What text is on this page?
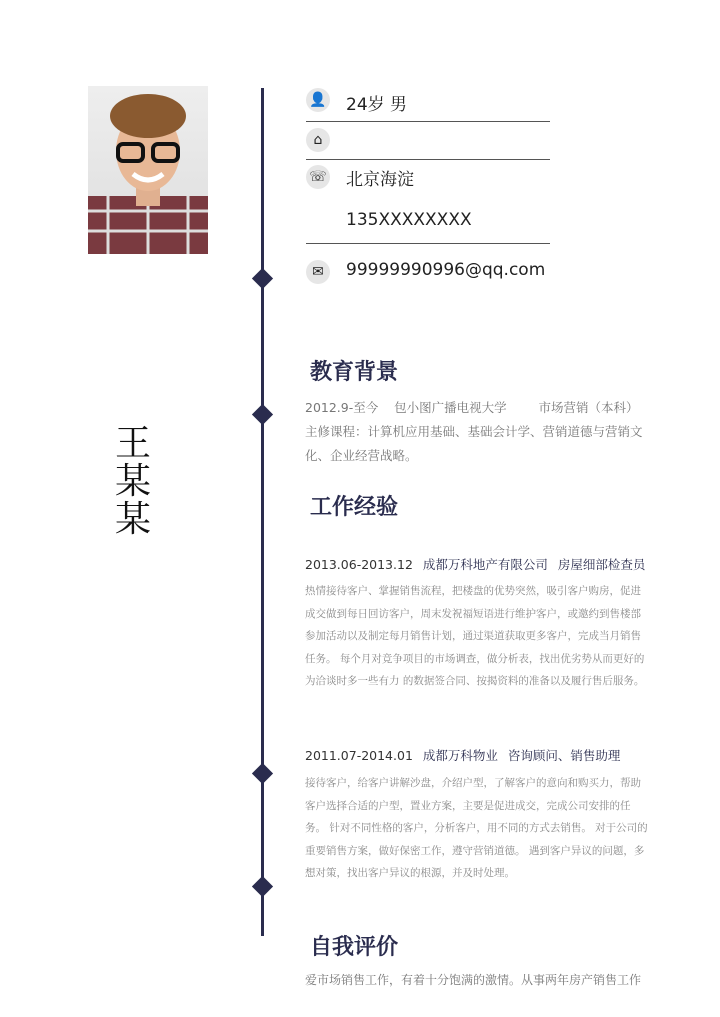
王某某
👤 24岁 男
⌂
☏ 北京海淀
135XXXXXXXX
✉	99999990996@qq.com
教育背景
2012.9-至今 包小图广播电视大学	市场营销（本科）
主修课程：计算机应用基础、基础会计学、营销道德与营销文化、企业经营战略。
工作经验
2013.06-2013.12 成都万科地产有限公司 房屋细部检查员
热情接待客户、掌握销售流程，把楼盘的优势突然，吸引客户购房，促进成交做到每日回访客户，周末发祝福短语进行维护客户，或邀约到售楼部参加活动以及制定每月销售计划，通过渠道获取更多客户，完成当月销售任务。 每个月对竞争项目的市场调查，做分析表，找出优劣势从而更好的为洽谈时多一些有力 的数据签合同、按揭资料的准备以及履行售后服务。
2011.07-2014.01 成都万科物业 咨询顾问、销售助理
接待客户，给客户讲解沙盘，介绍户型，了解客户的意向和购买力，帮助客户选择合适的户型，置业方案，主要是促进成交，完成公司安排的任务。 针对不同性格的客户，分析客户，用不同的方式去销售。 对于公司的重要销售方案，做好保密工作，遵守营销道德。 遇到客户异议的问题，多想对策，找出客户异议的根源，并及时处理。
自我评价
爱市场销售工作，有着十分饱满的激情。从事两年房产销售工作
